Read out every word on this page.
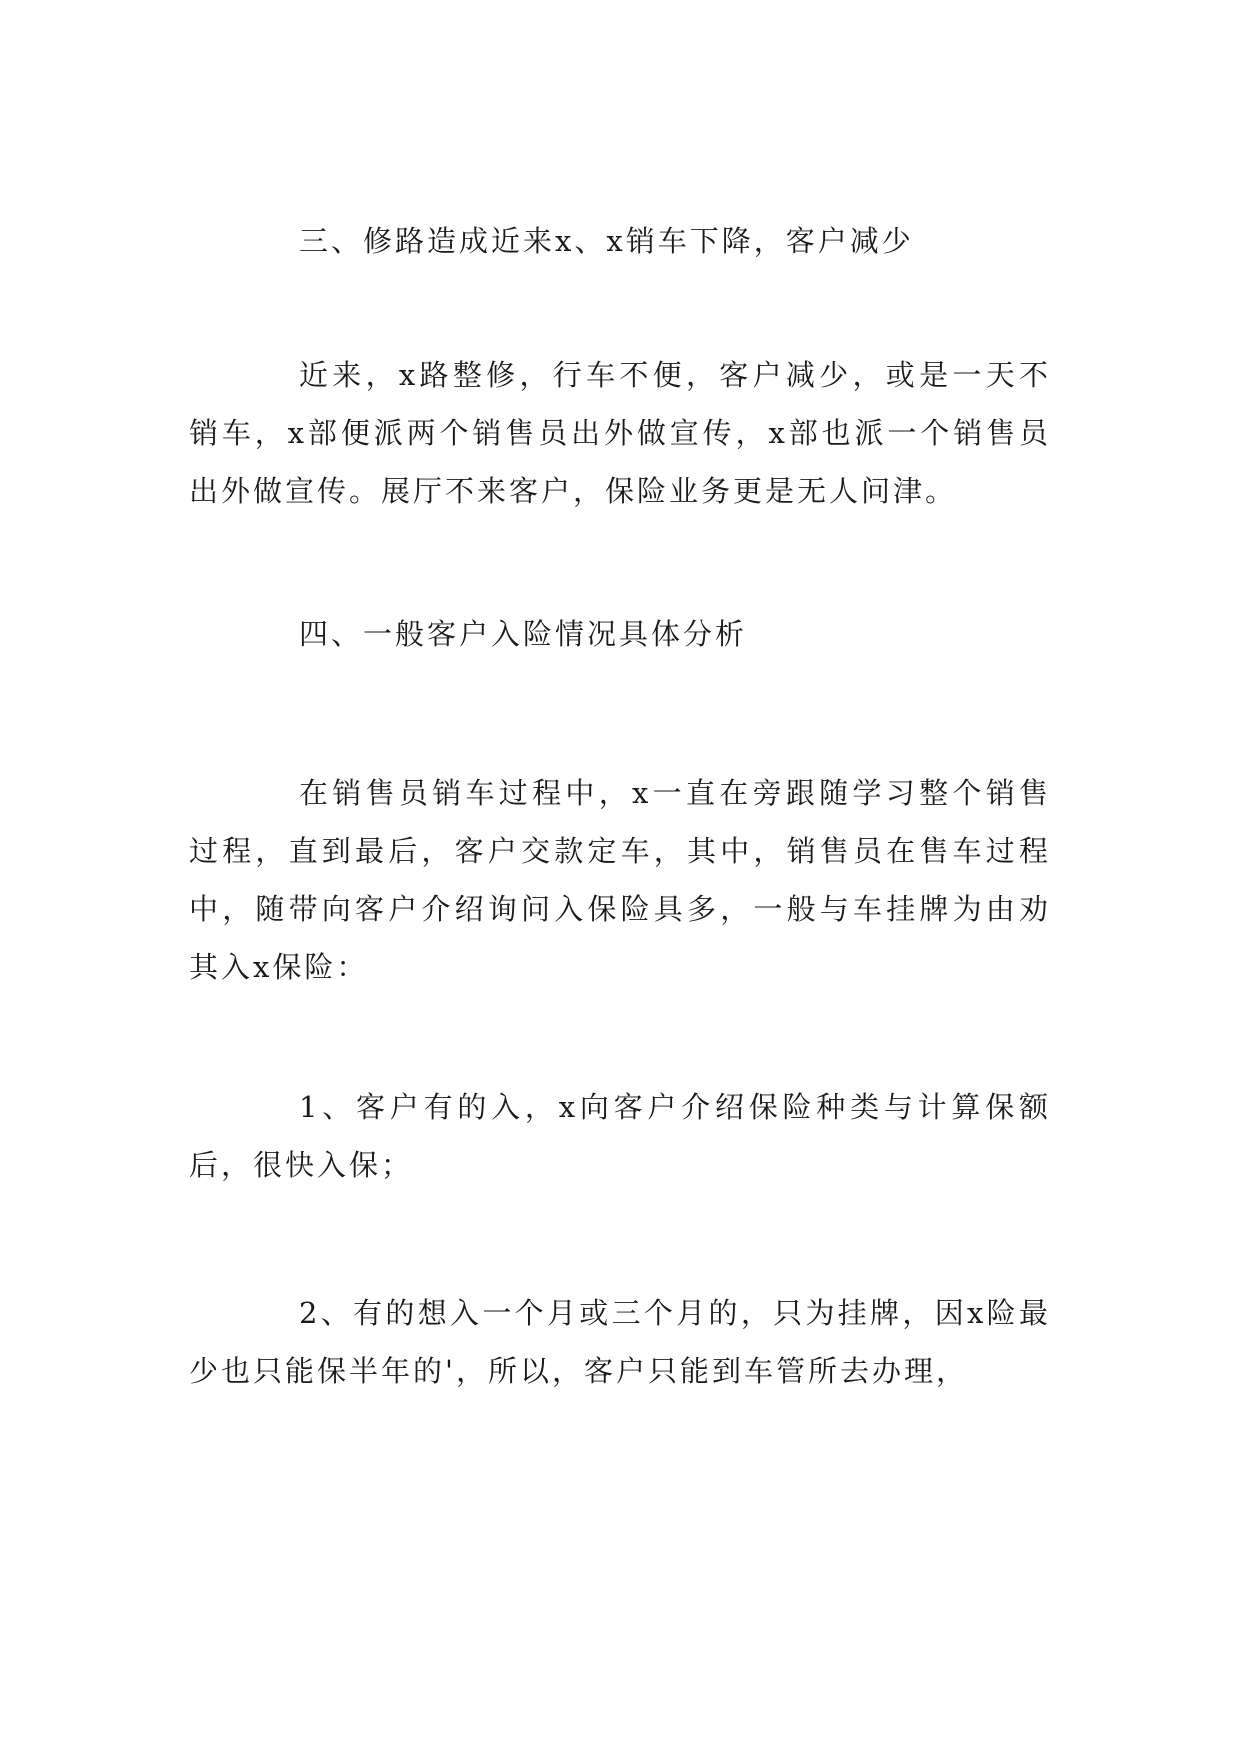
三、修路造成近来x、x销车下降，客户减少

近来，x路整修，行车不便，客户减少，或是一天不销车，x部便派两个销售员出外做宣传，x部也派一个销售员出外做宣传。展厅不来客户，保险业务更是无人问津。

四、一般客户入险情况具体分析

在销售员销车过程中，x一直在旁跟随学习整个销售过程，直到最后，客户交款定车，其中，销售员在售车过程中，随带向客户介绍询问入保险具多，一般与车挂牌为由劝其入x保险：

1、客户有的入，x向客户介绍保险种类与计算保额后，很快入保；

2、有的想入一个月或三个月的，只为挂牌，因x险最少也只能保半年的'，所以，客户只能到车管所去办理，
